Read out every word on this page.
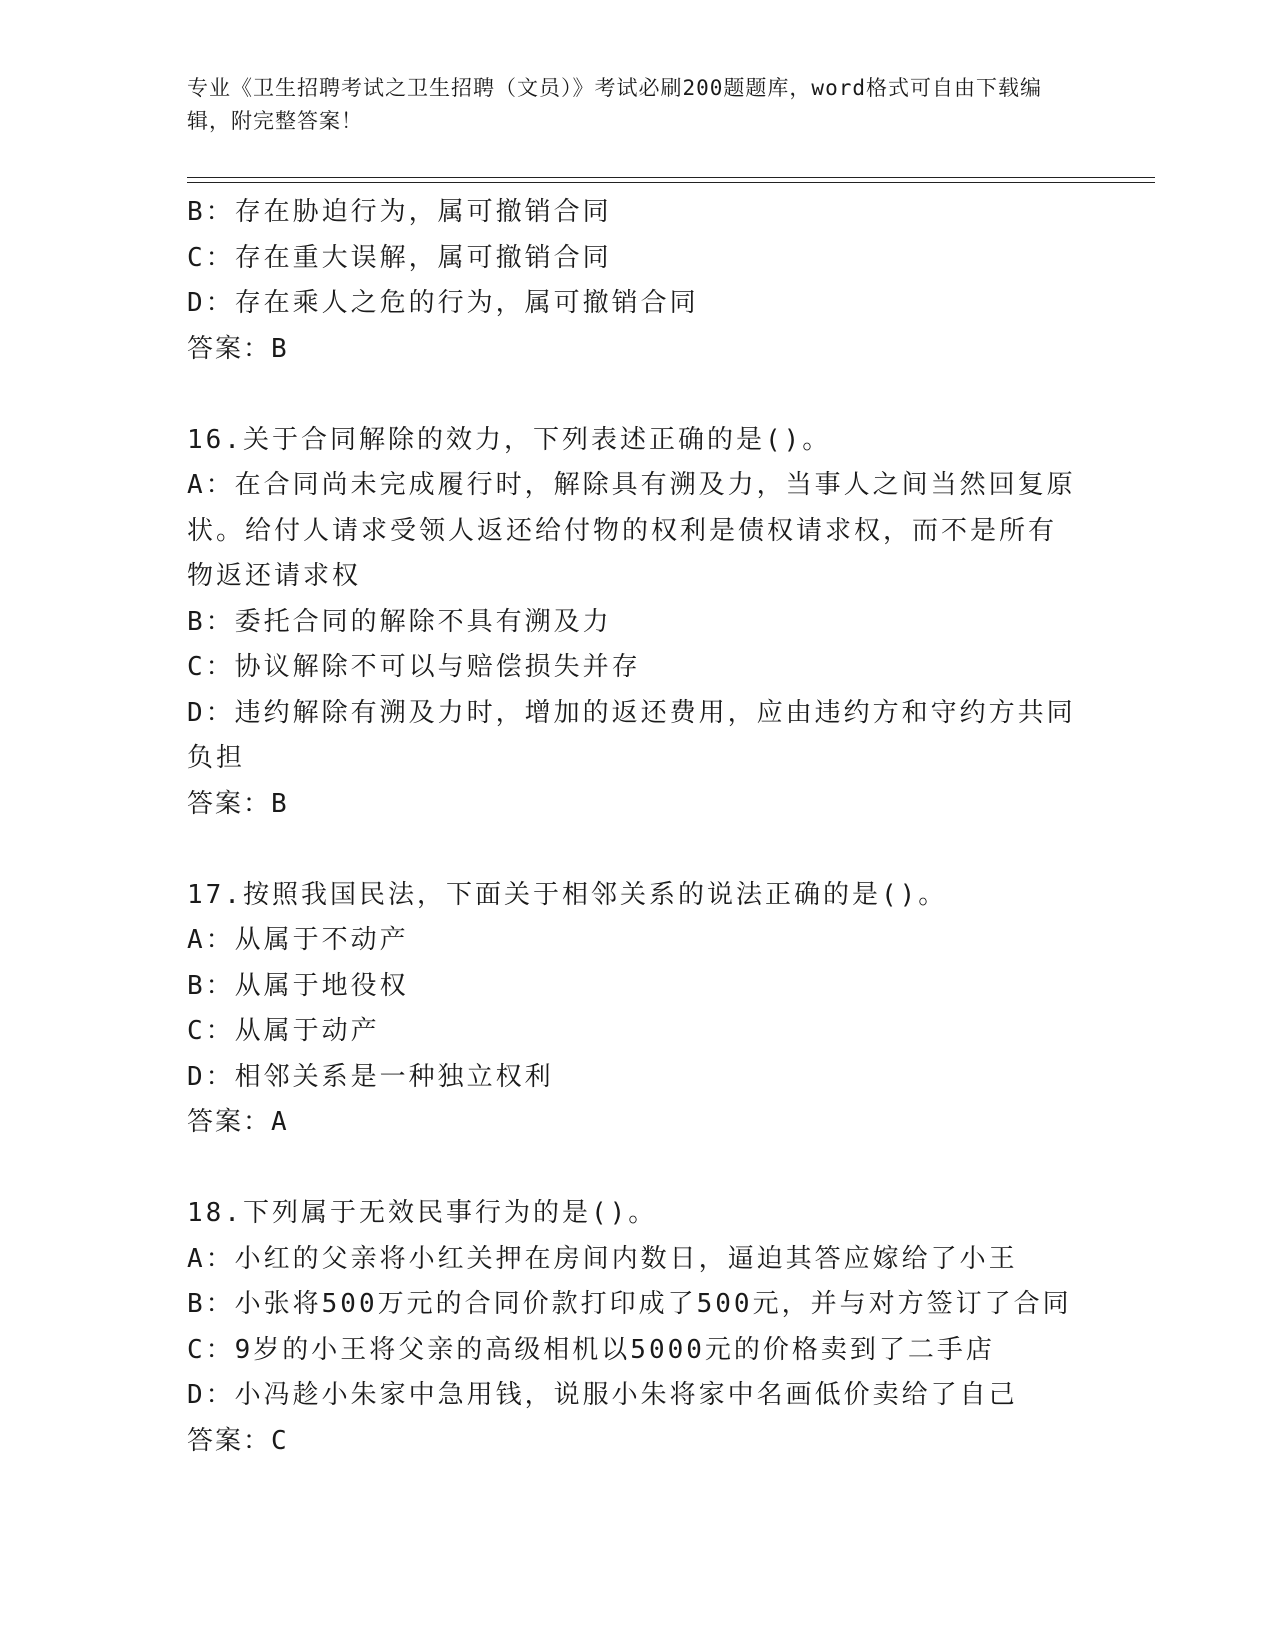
专业《卫生招聘考试之卫生招聘（文员）》考试必刷200题题库，word格式可自由下载编辑，附完整答案！
B：存在胁迫行为，属可撤销合同
C：存在重大误解，属可撤销合同
D：存在乘人之危的行为，属可撤销合同
答案：B
16.关于合同解除的效力，下列表述正确的是()。
A：在合同尚未完成履行时，解除具有溯及力，当事人之间当然回复原状。给付人请求受领人返还给付物的权利是债权请求权，而不是所有物返还请求权
B：委托合同的解除不具有溯及力
C：协议解除不可以与赔偿损失并存
D：违约解除有溯及力时，增加的返还费用，应由违约方和守约方共同负担
答案：B
17.按照我国民法，下面关于相邻关系的说法正确的是()。
A：从属于不动产
B：从属于地役权
C：从属于动产
D：相邻关系是一种独立权利
答案：A
18.下列属于无效民事行为的是()。
A：小红的父亲将小红关押在房间内数日，逼迫其答应嫁给了小王
B：小张将500万元的合同价款打印成了500元，并与对方签订了合同
C：9岁的小王将父亲的高级相机以5000元的价格卖到了二手店
D：小冯趁小朱家中急用钱，说服小朱将家中名画低价卖给了自己
答案：C
